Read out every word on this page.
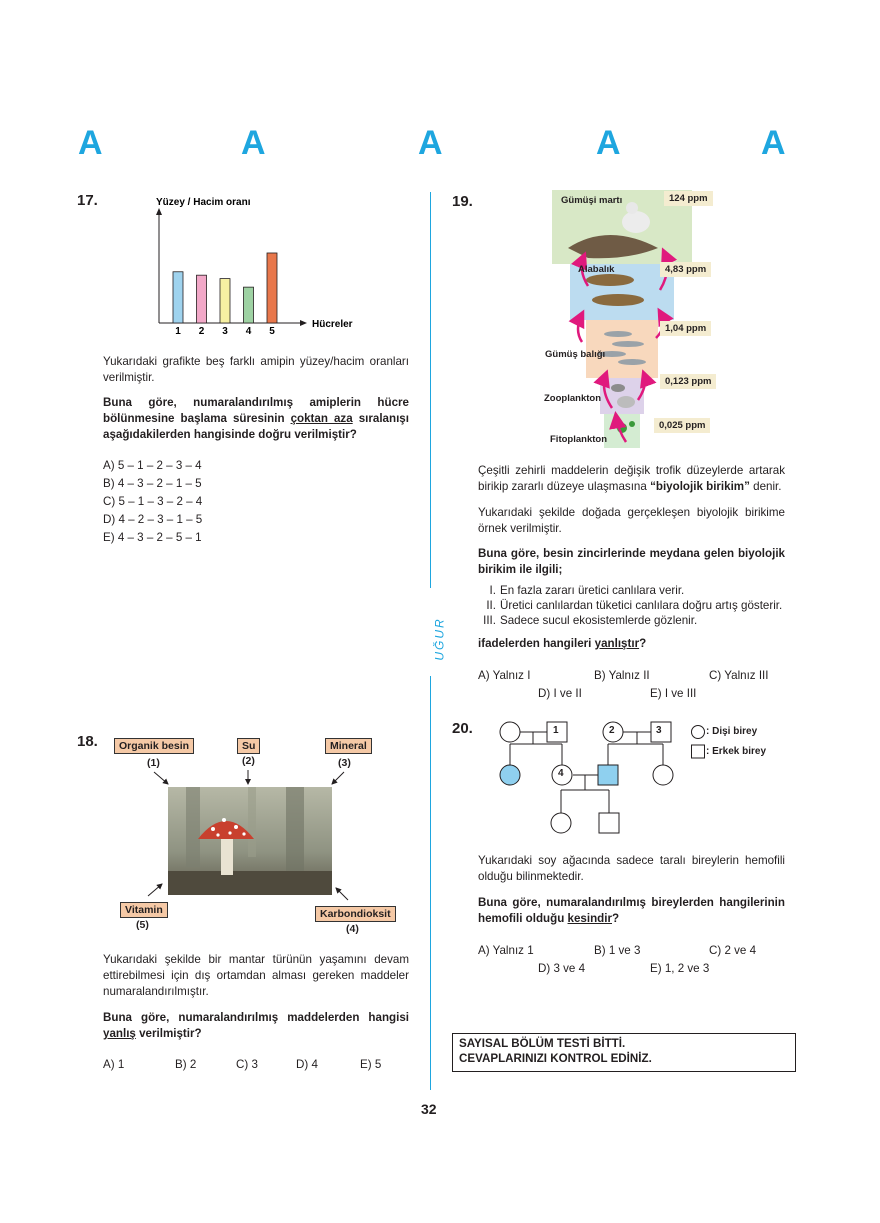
A	A	A	A	A
UĞUR
17.	Yüzey / Hacim oranı
Hücreler
1 2 3 4 5
Yukarıdaki grafikte beş farklı amipin yüzey/hacim oranları verilmiştir.
Buna göre, numaralandırılmış amiplerin hücre bölünmesine başlama süresinin çoktan aza sıralanışı aşağıdakilerden hangisinde doğru verilmiştir?
A) 5 – 1 – 2 – 3 – 4
B) 4 – 3 – 2 – 1 – 5
C) 5 – 1 – 3 – 2 – 4
D) 4 – 2 – 3 – 1 – 5
E) 4 – 3 – 2 – 5 – 1
18.	Organik besin
(1)
Su
(2)
Mineral
(3)
Vitamin
(5)
Karbondioksit
(4)
Yukarıdaki şekilde bir mantar türünün yaşamını devam ettirebilmesi için dış ortamdan alması gereken maddeler numaralandırılmıştır.
Buna göre, numaralandırılmış maddelerden hangisi yanlış verilmiştir?
A) 1	B) 2	C) 3	D) 4	E) 5
19.	Gümüşi martı
Alabalık
Gümüş balığı
Zooplankton
Fitoplankton
124 ppm
4,83 ppm
1,04 ppm
0,123 ppm
0,025 ppm
Çeşitli zehirli maddelerin değişik trofik düzeylerde artarak birikip zararlı düzeye ulaşmasına “biyolojik birikim” denir.
Yukarıdaki şekilde doğada gerçekleşen biyolojik birikime örnek verilmiştir.
Buna göre, besin zincirlerinde meydana gelen biyolojik birikim ile ilgili;
I. En fazla zararı üretici canlılara verir.
II. Üretici canlılardan tüketici canlılara doğru artış gösterir.
III. Sadece sucul ekosistemlerde gözlenir.
ifadelerden hangileri yanlıştır?
A) Yalnız I	B) Yalnız II	C) Yalnız III
D) I ve II	E) I ve III
20.	1	2	3
4
: Dişi birey
: Erkek birey
Yukarıdaki soy ağacında sadece taralı bireylerin hemofili olduğu bilinmektedir.
Buna göre, numaralandırılmış bireylerden hangilerinin hemofili olduğu kesindir?
A) Yalnız 1	B) 1 ve 3	C) 2 ve 4
D) 3 ve 4	E) 1, 2 ve 3
SAYISAL BÖLÜM TESTİ BİTTİ.
CEVAPLARINIZI KONTROL EDİNİZ.
32
